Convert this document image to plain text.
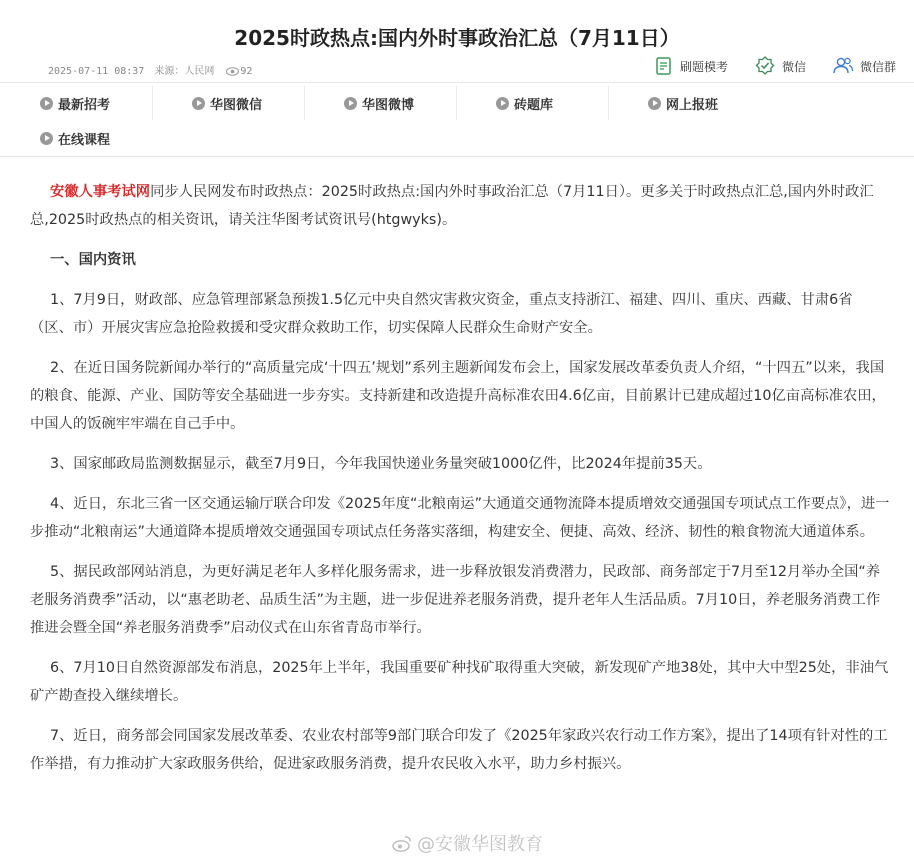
2025时政热点:国内外时事政治汇总（7月11日）
2025-07-11 08:37 来源：人民网	92	刷题模考	微信	微信群
最新招考	华图微信	华图微博	砖题库	网上报班
在线课程

安徽人事考试网同步人民网发布时政热点：2025时政热点:国内外时事政治汇总（7月11日）。更多关于时政热点汇总,国内外时政汇总,2025时政热点的相关资讯，请关注华图考试资讯号(htgwyks)。

一、国内资讯

1、7月9日，财政部、应急管理部紧急预拨1.5亿元中央自然灾害救灾资金，重点支持浙江、福建、四川、重庆、西藏、甘肃6省（区、市）开展灾害应急抢险救援和受灾群众救助工作，切实保障人民群众生命财产安全。

2、在近日国务院新闻办举行的“高质量完成‘十四五’规划”系列主题新闻发布会上，国家发展改革委负责人介绍，“十四五”以来，我国的粮食、能源、产业、国防等安全基础进一步夯实。支持新建和改造提升高标准农田4.6亿亩，目前累计已建成超过10亿亩高标准农田，中国人的饭碗牢牢端在自己手中。

3、国家邮政局监测数据显示，截至7月9日，今年我国快递业务量突破1000亿件，比2024年提前35天。

4、近日，东北三省一区交通运输厅联合印发《2025年度“北粮南运”大通道交通物流降本提质增效交通强国专项试点工作要点》，进一步推动“北粮南运”大通道降本提质增效交通强国专项试点任务落实落细，构建安全、便捷、高效、经济、韧性的粮食物流大通道体系。

5、据民政部网站消息，为更好满足老年人多样化服务需求，进一步释放银发消费潜力，民政部、商务部定于7月至12月举办全国“养老服务消费季”活动，以“惠老助老、品质生活”为主题，进一步促进养老服务消费，提升老年人生活品质。7月10日，养老服务消费工作推进会暨全国“养老服务消费季”启动仪式在山东省青岛市举行。

6、7月10日自然资源部发布消息，2025年上半年，我国重要矿种找矿取得重大突破，新发现矿产地38处，其中大中型25处，非油气矿产勘查投入继续增长。

7、近日，商务部会同国家发展改革委、农业农村部等9部门联合印发了《2025年家政兴农行动工作方案》，提出了14项有针对性的工作举措，有力推动扩大家政服务供给，促进家政服务消费，提升农民收入水平，助力乡村振兴。

@安徽华图教育
